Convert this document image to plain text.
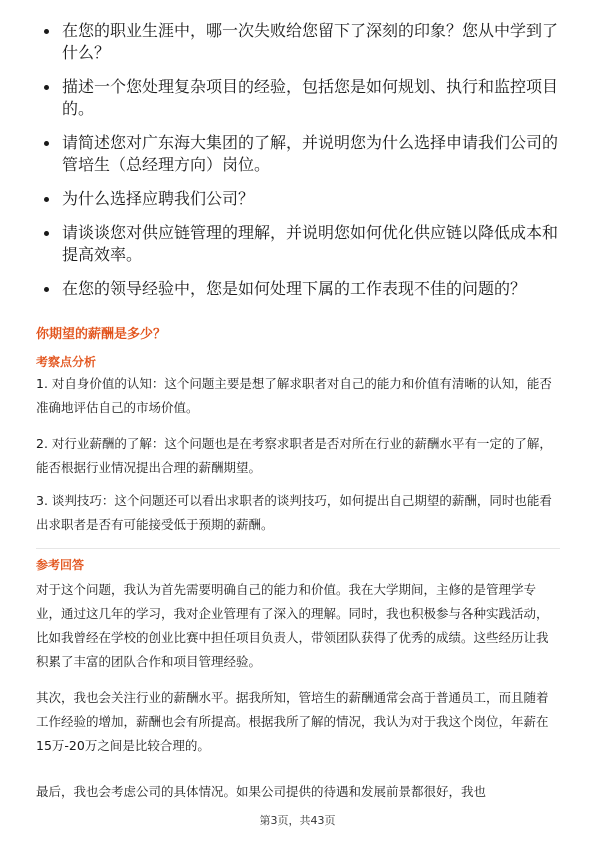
在您的职业生涯中，哪一次失败给您留下了深刻的印象？您从中学到了什么？
描述一个您处理复杂项目的经验，包括您是如何规划、执行和监控项目的。
请简述您对广东海大集团的了解，并说明您为什么选择申请我们公司的管培生（总经理方向）岗位。
为什么选择应聘我们公司？
请谈谈您对供应链管理的理解，并说明您如何优化供应链以降低成本和提高效率。
在您的领导经验中，您是如何处理下属的工作表现不佳的问题的？
你期望的薪酬是多少？
考察点分析

1. 对自身价值的认知：这个问题主要是想了解求职者对自己的能力和价值有清晰的认知，能否准确地评估自己的市场价值。

2. 对行业薪酬的了解：这个问题也是在考察求职者是否对所在行业的薪酬水平有一定的了解，能否根据行业情况提出合理的薪酬期望。

3. 谈判技巧：这个问题还可以看出求职者的谈判技巧，如何提出自己期望的薪酬，同时也能看出求职者是否有可能接受低于预期的薪酬。

参考回答

对于这个问题，我认为首先需要明确自己的能力和价值。我在大学期间，主修的是管理学专业，通过这几年的学习，我对企业管理有了深入的理解。同时，我也积极参与各种实践活动，比如我曾经在学校的创业比赛中担任项目负责人，带领团队获得了优秀的成绩。这些经历让我积累了丰富的团队合作和项目管理经验。

其次，我也会关注行业的薪酬水平。据我所知，管培生的薪酬通常会高于普通员工，而且随着工作经验的增加，薪酬也会有所提高。根据我所了解的情况，我认为对于我这个岗位，年薪在15万-20万之间是比较合理的。

最后，我也会考虑公司的具体情况。如果公司提供的待遇和发展前景都很好，我也

第3页，共43页
